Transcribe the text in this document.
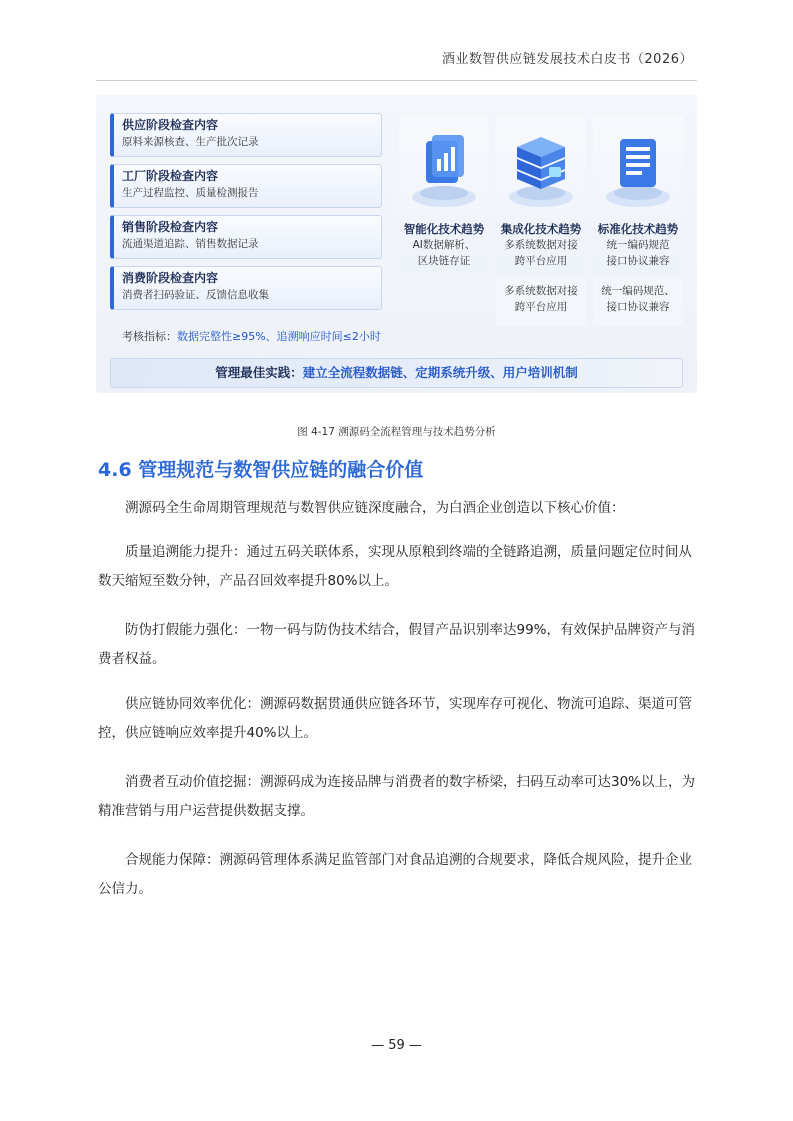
酒业数智供应链发展技术白皮书（2026）
供应阶段检查内容
原料来源核查、生产批次记录
工厂阶段检查内容
生产过程监控、质量检测报告
销售阶段检查内容
流通渠道追踪、销售数据记录
消费阶段检查内容
消费者扫码验证、反馈信息收集
考核指标：数据完整性≥95%、追溯响应时间≤2小时
智能化技术趋势
AI数据解析、
区块链存证
集成化技术趋势
多系统数据对接
跨平台应用
标准化技术趋势
统一编码规范
接口协议兼容
多系统数据对接
跨平台应用
统一编码规范、
接口协议兼容
管理最佳实践：建立全流程数据链、定期系统升级、用户培训机制
图 4-17 溯源码全流程管理与技术趋势分析
4.6 管理规范与数智供应链的融合价值
溯源码全生命周期管理规范与数智供应链深度融合，为白酒企业创造以下核心价值：
质量追溯能力提升：通过五码关联体系，实现从原粮到终端的全链路追溯，质量问题定位时间从数天缩短至数分钟，产品召回效率提升80%以上。
防伪打假能力强化：一物一码与防伪技术结合，假冒产品识别率达99%，有效保护品牌资产与消费者权益。
供应链协同效率优化：溯源码数据贯通供应链各环节，实现库存可视化、物流可追踪、渠道可管控，供应链响应效率提升40%以上。
消费者互动价值挖掘：溯源码成为连接品牌与消费者的数字桥梁，扫码互动率可达30%以上，为精准营销与用户运营提供数据支撑。
合规能力保障：溯源码管理体系满足监管部门对食品追溯的合规要求，降低合规风险，提升企业公信力。
— 59 —
